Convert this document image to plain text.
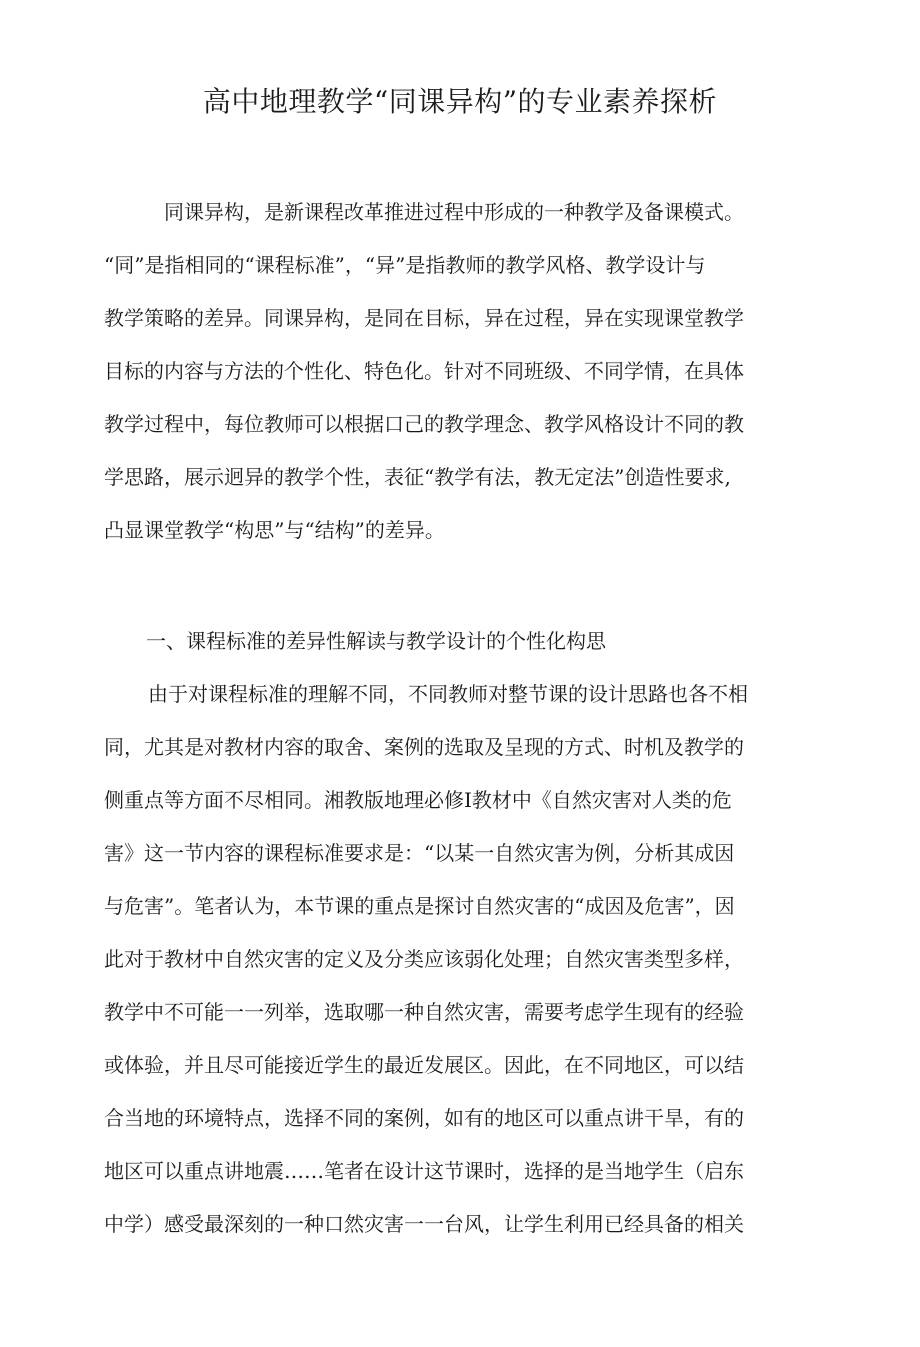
高中地理教学“同课异构”的专业素养探析
同课异构，是新课程改革推进过程中形成的一种教学及备课模式。
“同”是指相同的“课程标准”，“异”是指教师的教学风格、教学设计与
教学策略的差异。同课异构，是同在目标，异在过程，异在实现课堂教学
目标的内容与方法的个性化、特色化。针对不同班级、不同学情，在具体
教学过程中，每位教师可以根据口己的教学理念、教学风格设计不同的教
学思路，展示迥异的教学个性，表征“教学有法，教无定法”创造性要求,
凸显课堂教学“构思”与“结构”的差异。
一、课程标准的差异性解读与教学设计的个性化构思
由于对课程标准的理解不同，不同教师对整节课的设计思路也各不相
同，尤其是对教材内容的取舍、案例的选取及呈现的方式、时机及教学的
侧重点等方面不尽相同。湘教版地理必修I教材中《自然灾害对人类的危
害》这一节内容的课程标准要求是：“以某一自然灾害为例，分析其成因
与危害”。笔者认为，本节课的重点是探讨自然灾害的“成因及危害”，因
此对于教材中自然灾害的定义及分类应该弱化处理；自然灾害类型多样，
教学中不可能一一列举，选取哪一种自然灾害，需要考虑学生现有的经验
或体验，并且尽可能接近学生的最近发展区。因此，在不同地区，可以结
合当地的环境特点，选择不同的案例，如有的地区可以重点讲干旱，有的
地区可以重点讲地震……笔者在设计这节课时，选择的是当地学生（启东
中学）感受最深刻的一种口然灾害一一台风，让学生利用已经具备的相关
